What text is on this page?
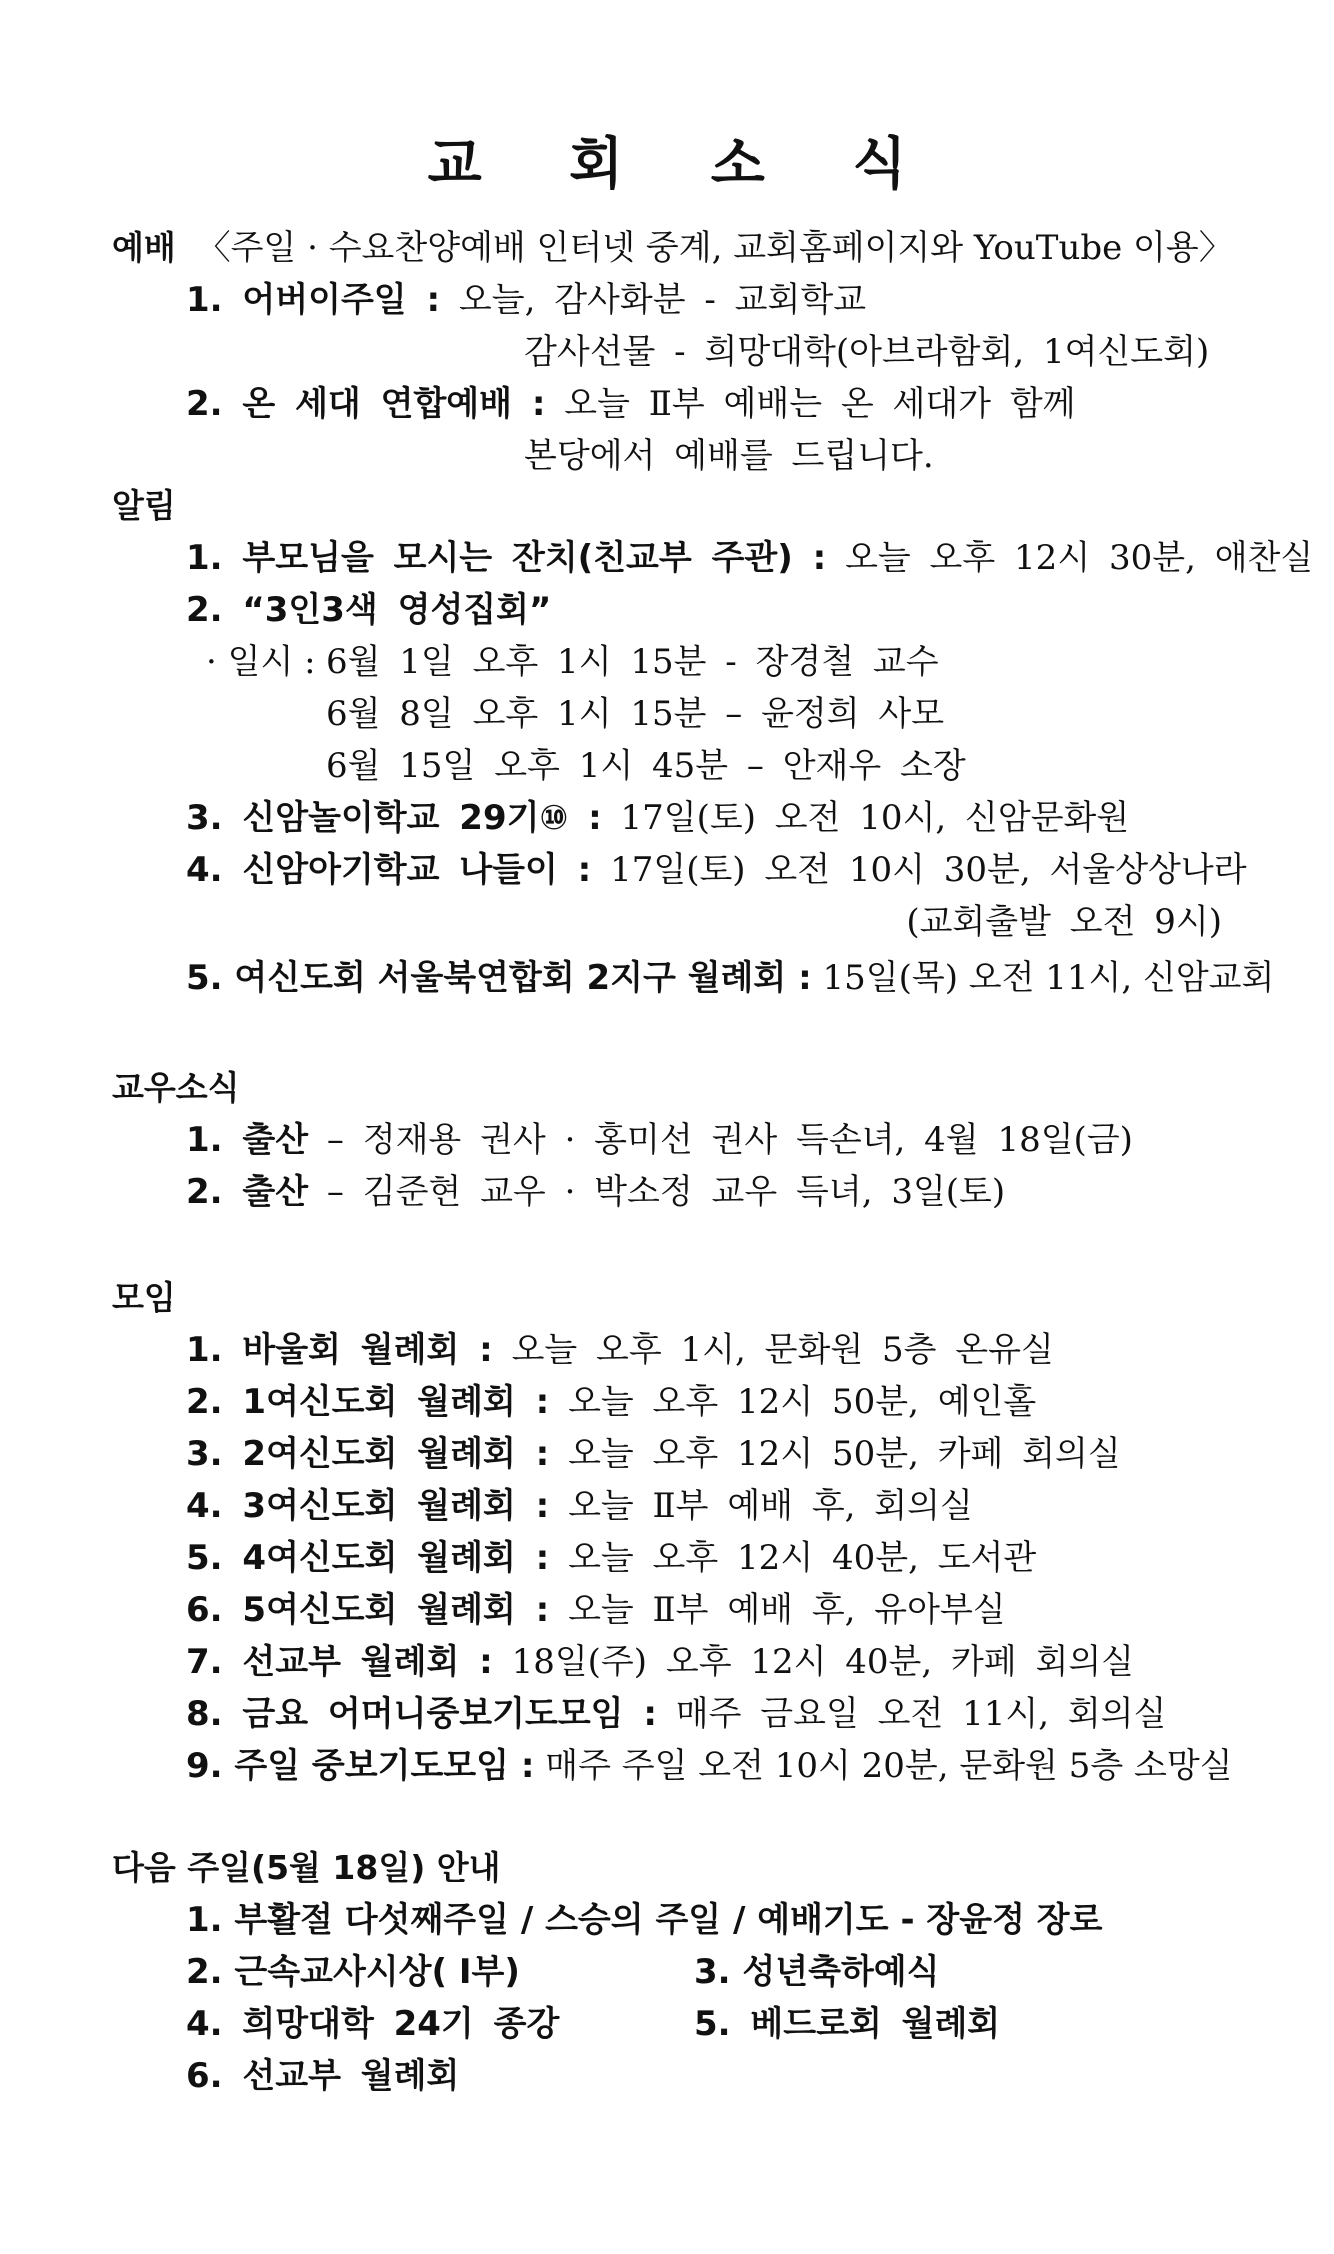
교 회 소 식
예배 〈주일 · 수요찬양예배 인터넷 중계, 교회홈페이지와 YouTube 이용〉
1. 어버이주일 : 오늘, 감사화분 - 교회학교
감사선물 - 희망대학(아브라함회, 1여신도회)
2. 온 세대 연합예배 : 오늘 Ⅱ부 예배는 온 세대가 함께
본당에서 예배를 드립니다.
알림
1. 부모님을 모시는 잔치(친교부 주관) : 오늘 오후 12시 30분, 애찬실
2. “3인3색 영성집회”
· 일시 : 6월 1일 오후 1시 15분 - 장경철 교수
6월 8일 오후 1시 15분 – 윤정희 사모
6월 15일 오후 1시 45분 – 안재우 소장
3. 신암놀이학교 29기⑩ : 17일(토) 오전 10시, 신암문화원
4. 신암아기학교 나들이 : 17일(토) 오전 10시 30분, 서울상상나라
(교회출발 오전 9시)
5. 여신도회 서울북연합회 2지구 월례회 : 15일(목) 오전 11시, 신암교회
교우소식
1. 출산 – 정재용 권사 · 홍미선 권사 득손녀, 4월 18일(금)
2. 출산 – 김준현 교우 · 박소정 교우 득녀, 3일(토)
모임
1. 바울회 월례회 : 오늘 오후 1시, 문화원 5층 온유실
2. 1여신도회 월례회 : 오늘 오후 12시 50분, 예인홀
3. 2여신도회 월례회 : 오늘 오후 12시 50분, 카페 회의실
4. 3여신도회 월례회 : 오늘 Ⅱ부 예배 후, 회의실
5. 4여신도회 월례회 : 오늘 오후 12시 40분, 도서관
6. 5여신도회 월례회 : 오늘 Ⅱ부 예배 후, 유아부실
7. 선교부 월례회 : 18일(주) 오후 12시 40분, 카페 회의실
8. 금요 어머니중보기도모임 : 매주 금요일 오전 11시, 회의실
9. 주일 중보기도모임 : 매주 주일 오전 10시 20분, 문화원 5층 소망실
다음 주일(5월 18일) 안내
1. 부활절 다섯째주일 / 스승의 주일 / 예배기도 - 장윤정 장로
2. 근속교사시상( Ⅰ부)	3. 성년축하예식
4. 희망대학 24기 종강	5. 베드로회 월례회
6. 선교부 월례회
